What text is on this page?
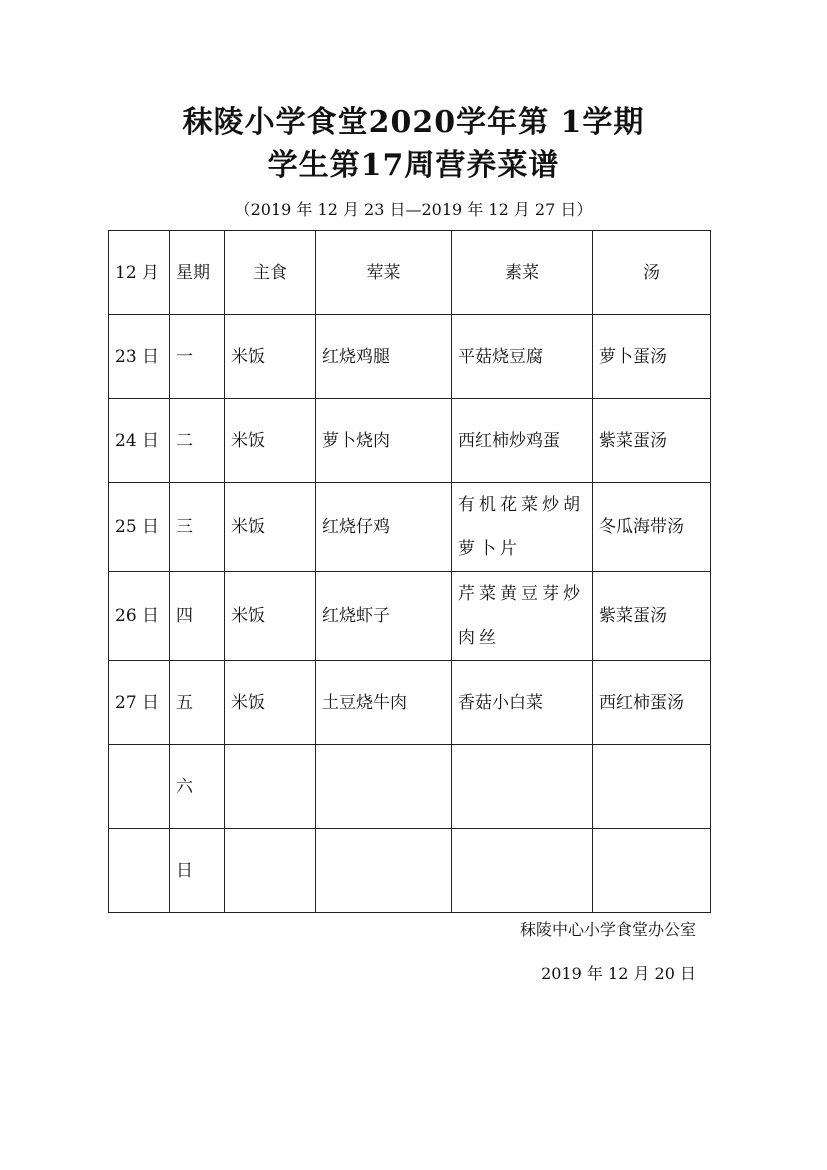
秣陵小学食堂2020学年第 1学期
学生第17周营养菜谱
（2019 年 12 月 23 日—2019 年 12 月 27 日）
12 月	星期	主食	荤菜	素菜	汤
23 日	一	米饭	红烧鸡腿	平菇烧豆腐	萝卜蛋汤
24 日	二	米饭	萝卜烧肉	西红柿炒鸡蛋	紫菜蛋汤
25 日	三	米饭	红烧仔鸡	有机花菜炒胡萝卜片	冬瓜海带汤
26 日	四	米饭	红烧虾子	芹菜黄豆芽炒肉丝	紫菜蛋汤
27 日	五	米饭	土豆烧牛肉	香菇小白菜	西红柿蛋汤
	六				
	日				
秣陵中心小学食堂办公室
2019 年 12 月 20 日
